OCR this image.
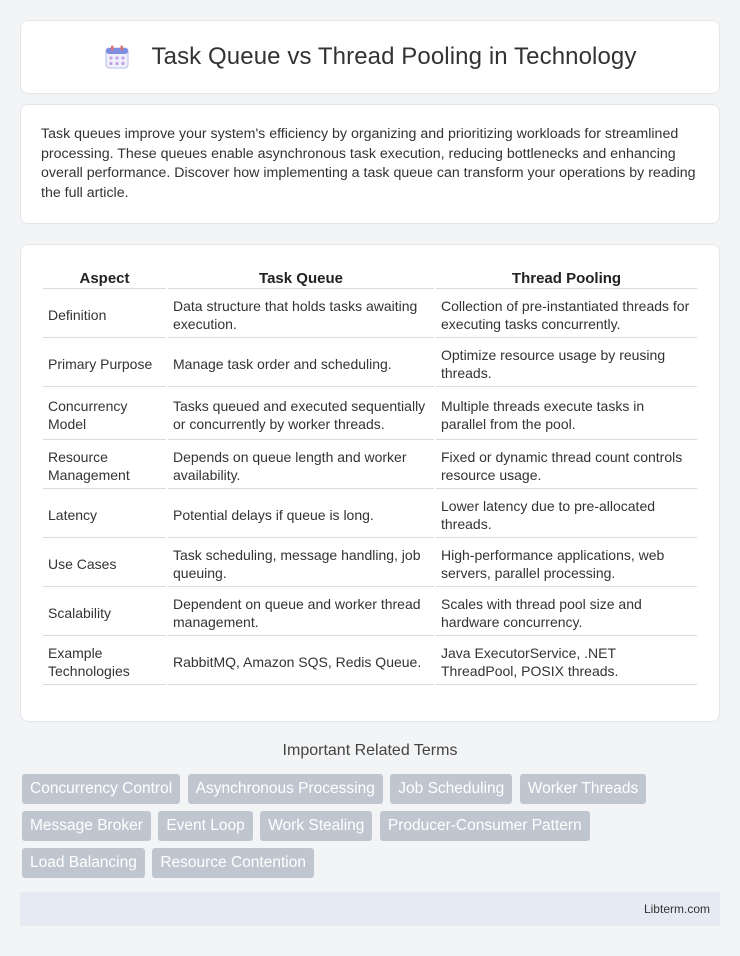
Task Queue vs Thread Pooling in Technology

Task queues improve your system's efficiency by organizing and prioritizing workloads for streamlined processing. These queues enable asynchronous task execution, reducing bottlenecks and enhancing overall performance. Discover how implementing a task queue can transform your operations by reading the full article.

Aspect	Task Queue	Thread Pooling
Definition	Data structure that holds tasks awaiting execution.	Collection of pre-instantiated threads for executing tasks concurrently.
Primary Purpose	Manage task order and scheduling.	Optimize resource usage by reusing threads.
Concurrency Model	Tasks queued and executed sequentially or concurrently by worker threads.	Multiple threads execute tasks in parallel from the pool.
Resource Management	Depends on queue length and worker availability.	Fixed or dynamic thread count controls resource usage.
Latency	Potential delays if queue is long.	Lower latency due to pre-allocated threads.
Use Cases	Task scheduling, message handling, job queuing.	High-performance applications, web servers, parallel processing.
Scalability	Dependent on queue and worker thread management.	Scales with thread pool size and hardware concurrency.
Example Technologies	RabbitMQ, Amazon SQS, Redis Queue.	Java ExecutorService, .NET ThreadPool, POSIX threads.
Important Related Terms
Concurrency Control Asynchronous Processing Job Scheduling Worker Threads Message Broker Event Loop Work Stealing Producer-Consumer Pattern Load Balancing Resource Contention
Libterm.com
